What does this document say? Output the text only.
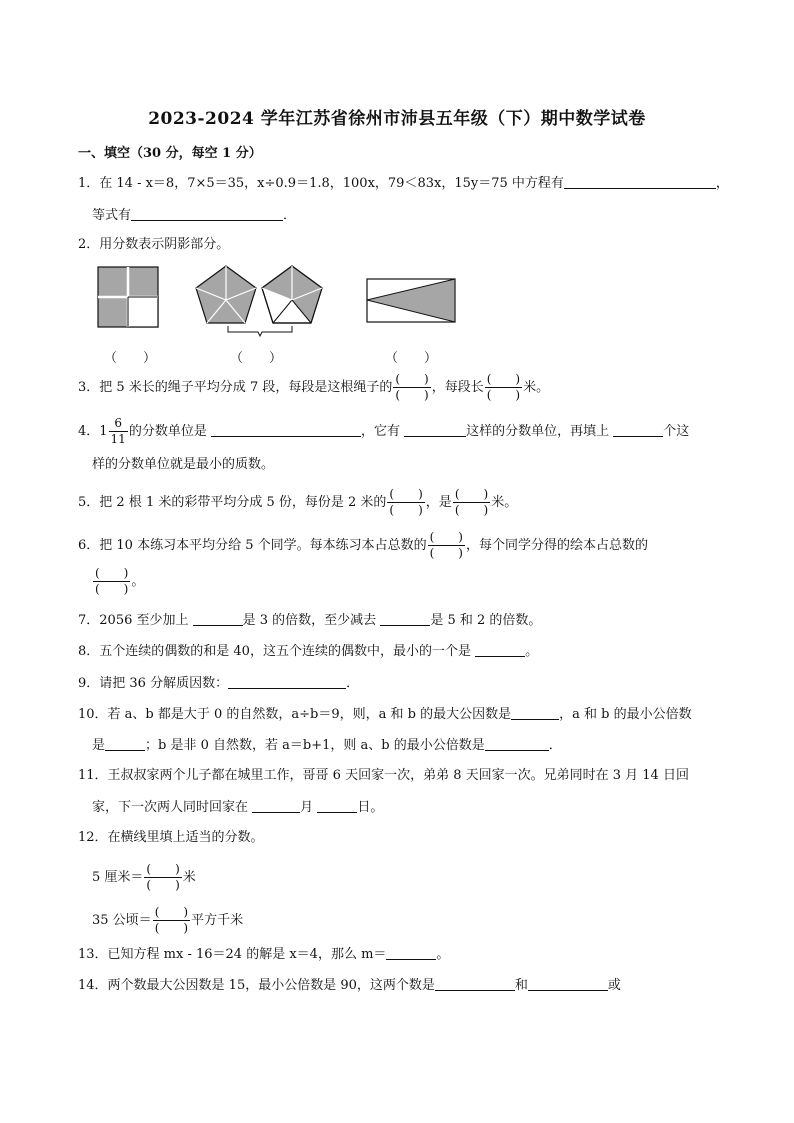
2023-2024 学年江苏省徐州市沛县五年级（下）期中数学试卷
一、填空（30 分，每空 1 分）
1．在 14 - x＝8，7×5＝35，x÷0.9＝1.8，100x，79＜83x，15y＝75 中方程有	，
等式有	．
2．用分数表示阴影部分。
（　　）	（　　）	（　　）
3．把 5 米长的绳子平均分成 7 段，每段是这根绳子的 $\frac{( )}{( )}$ ，每段长 $\frac{( )}{( )}$ 米。
4．$1 \frac{6}{11}$ 的分数单位是	，它有	这样的分数单位，再填上	个这
样的分数单位就是最小的质数。
5．把 2 根 1 米的彩带平均分成 5 份，每份是 2 米的 $\frac{( )}{( )}$ ，是 $\frac{( )}{( )}$ 米。
6．把 10 本练习本平均分给 5 个同学。每本练习本占总数的 $\frac{( )}{( )}$ ，每个同学分得的绘本占总数的
$\frac{( )}{( )}$ 。
7．2056 至少加上	是 3 的倍数，至少减去	是 5 和 2 的倍数。
8．五个连续的偶数的和是 40，这五个连续的偶数中，最小的一个是	。
9．请把 36 分解质因数：	．
10．若 a、b 都是大于 0 的自然数，a÷b＝9，则，a 和 b 的最大公因数是	，a 和 b 的最小公倍数
是	；b 是非 0 自然数，若 a＝b+1，则 a、b 的最小公倍数是	．
11．王叔叔家两个儿子都在城里工作，哥哥 6 天回家一次，弟弟 8 天回家一次。兄弟同时在 3 月 14 日回
家，下一次两人同时回家在	月	日。
12．在横线里填上适当的分数。
5 厘米＝ $\frac{( )}{( )}$ 米
35 公顷＝ $\frac{( )}{( )}$ 平方千米
13．已知方程 mx - 16＝24 的解是 x＝4，那么 m＝	。
14．两个数最大公因数是 15，最小公倍数是 90，这两个数是	和	或
